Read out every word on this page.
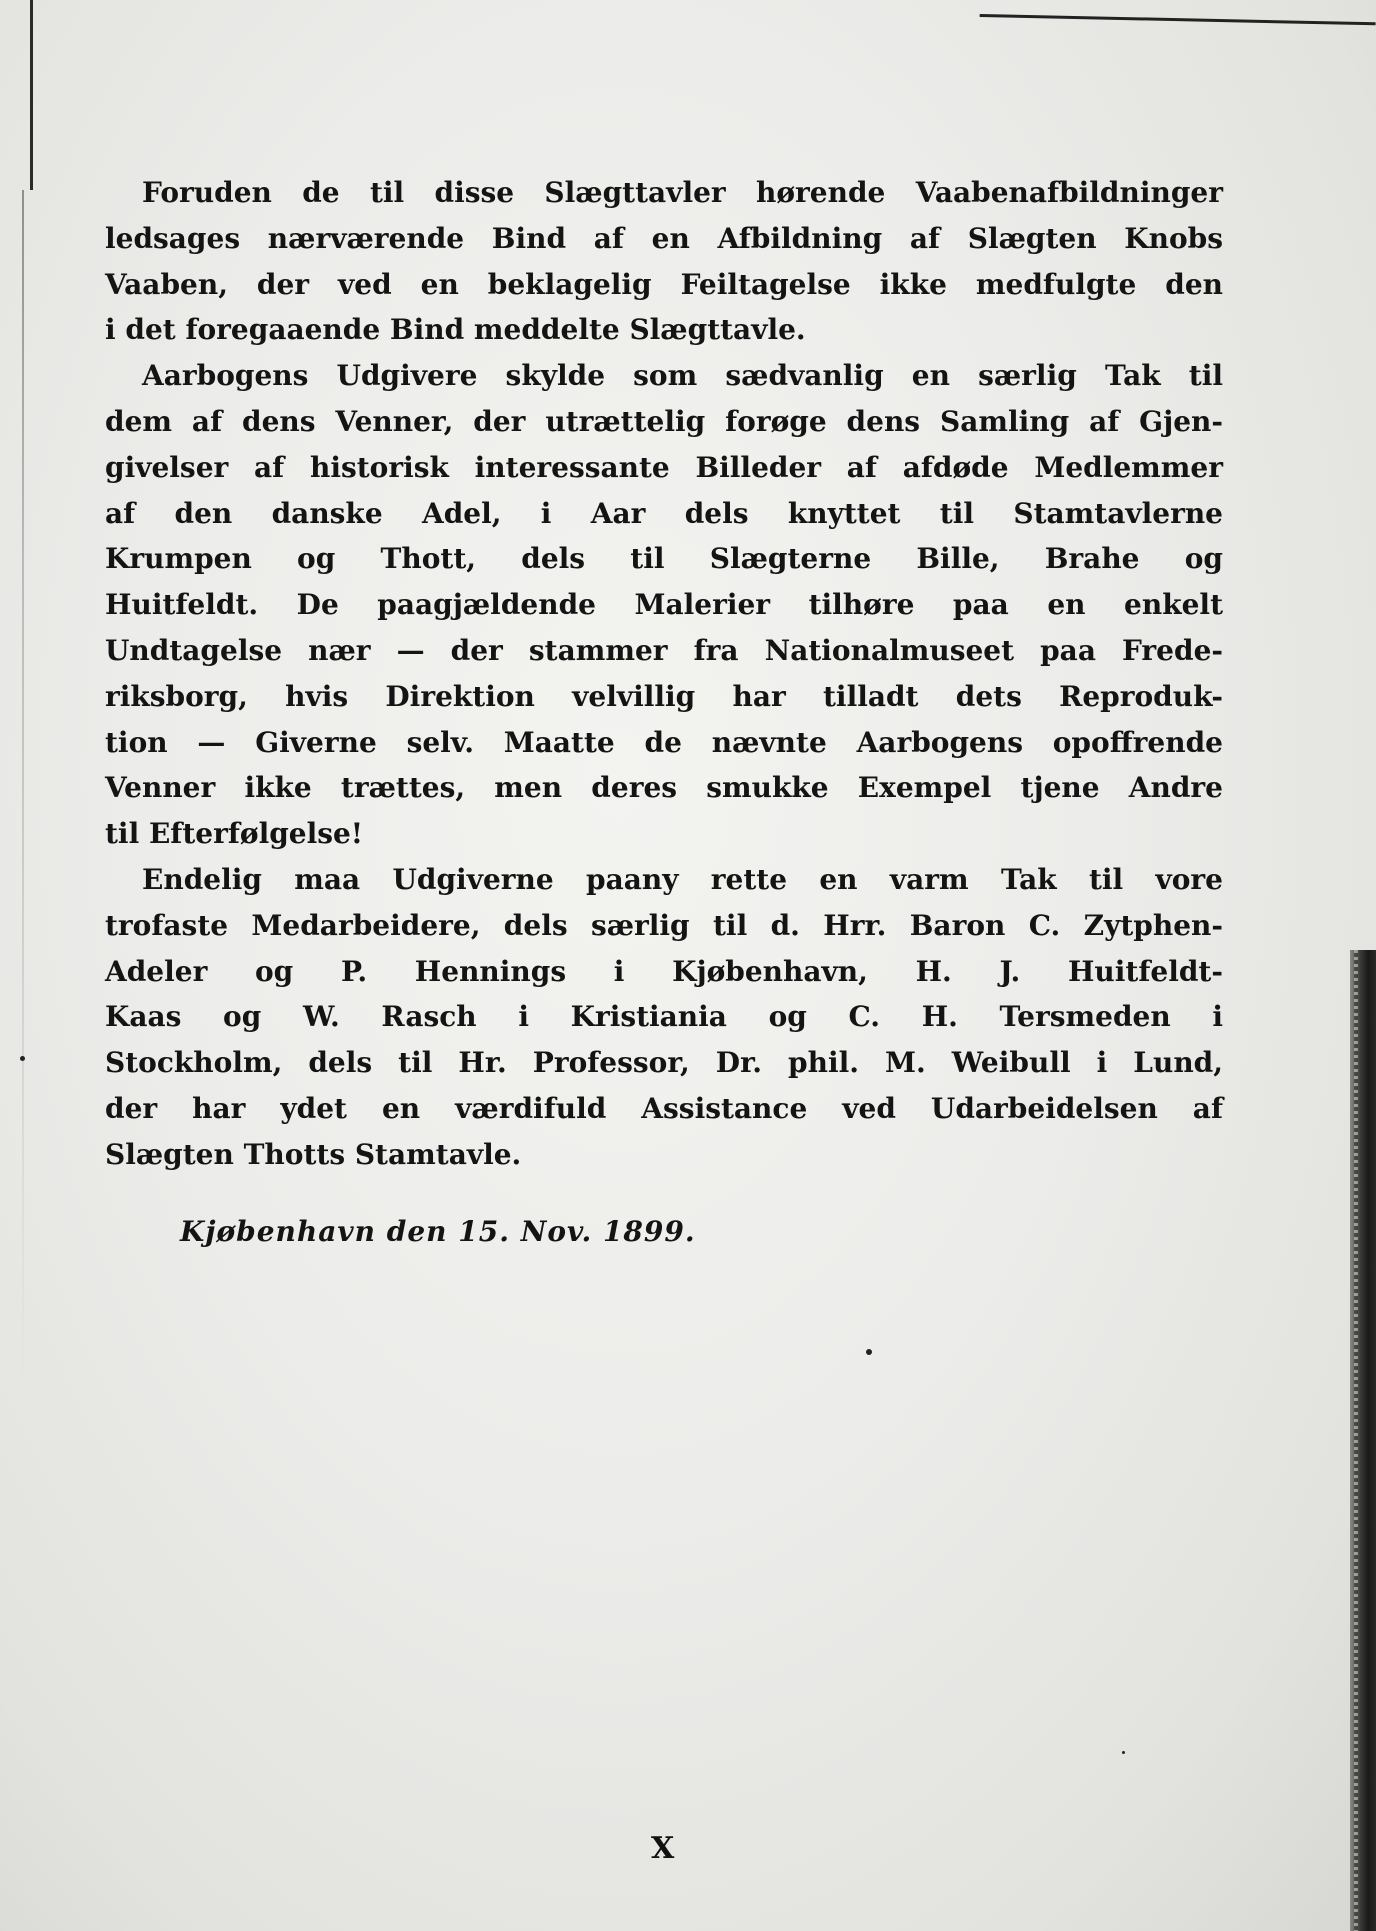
Foruden de til disse Slægttavler hørende Vaabenafbildninger
ledsages nærværende Bind af en Afbildning af Slægten Knobs
Vaaben, der ved en beklagelig Feiltagelse ikke medfulgte den
i det foregaaende Bind meddelte Slægttavle.
Aarbogens Udgivere skylde som sædvanlig en særlig Tak til
dem af dens Venner, der utrættelig forøge dens Samling af Gjen-
givelser af historisk interessante Billeder af afdøde Medlemmer
af den danske Adel, i Aar dels knyttet til Stamtavlerne
Krumpen og Thott, dels til Slægterne Bille, Brahe og
Huitfeldt. De paagjældende Malerier tilhøre paa en enkelt
Undtagelse nær — der stammer fra Nationalmuseet paa Frede-
riksborg, hvis Direktion velvillig har tilladt dets Reproduk-
tion — Giverne selv. Maatte de nævnte Aarbogens opoffrende
Venner ikke trættes, men deres smukke Exempel tjene Andre
til Efterfølgelse!
Endelig maa Udgiverne paany rette en varm Tak til vore
trofaste Medarbeidere, dels særlig til d. Hrr. Baron C. Zytphen-
Adeler og P. Hennings i Kjøbenhavn, H. J. Huitfeldt-
Kaas og W. Rasch i Kristiania og C. H. Tersmeden i
Stockholm, dels til Hr. Professor, Dr. phil. M. Weibull i Lund,
der har ydet en værdifuld Assistance ved Udarbeidelsen af
Slægten Thotts Stamtavle.
Kjøbenhavn den 15. Nov. 1899.
X
